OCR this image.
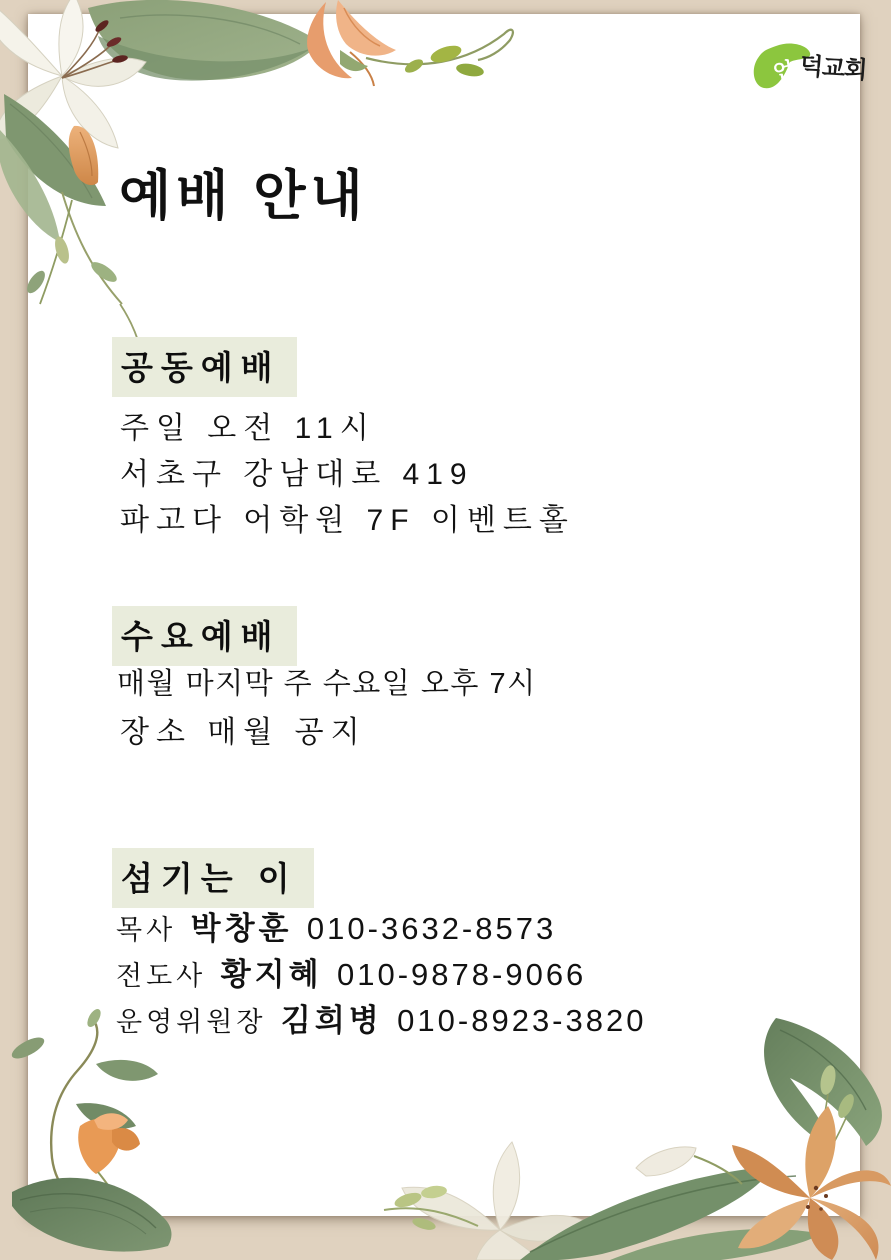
언 덕교회
예배 안내
공동예배
주일 오전 11시
서초구 강남대로 419
파고다 어학원 7F 이벤트홀
수요예배
매월 마지막 주 수요일 오후 7시
장소 매월 공지
섬기는 이
목사 박창훈 010-3632-8573
전도사 황지혜 010-9878-9066
운영위원장 김희병 010-8923-3820
